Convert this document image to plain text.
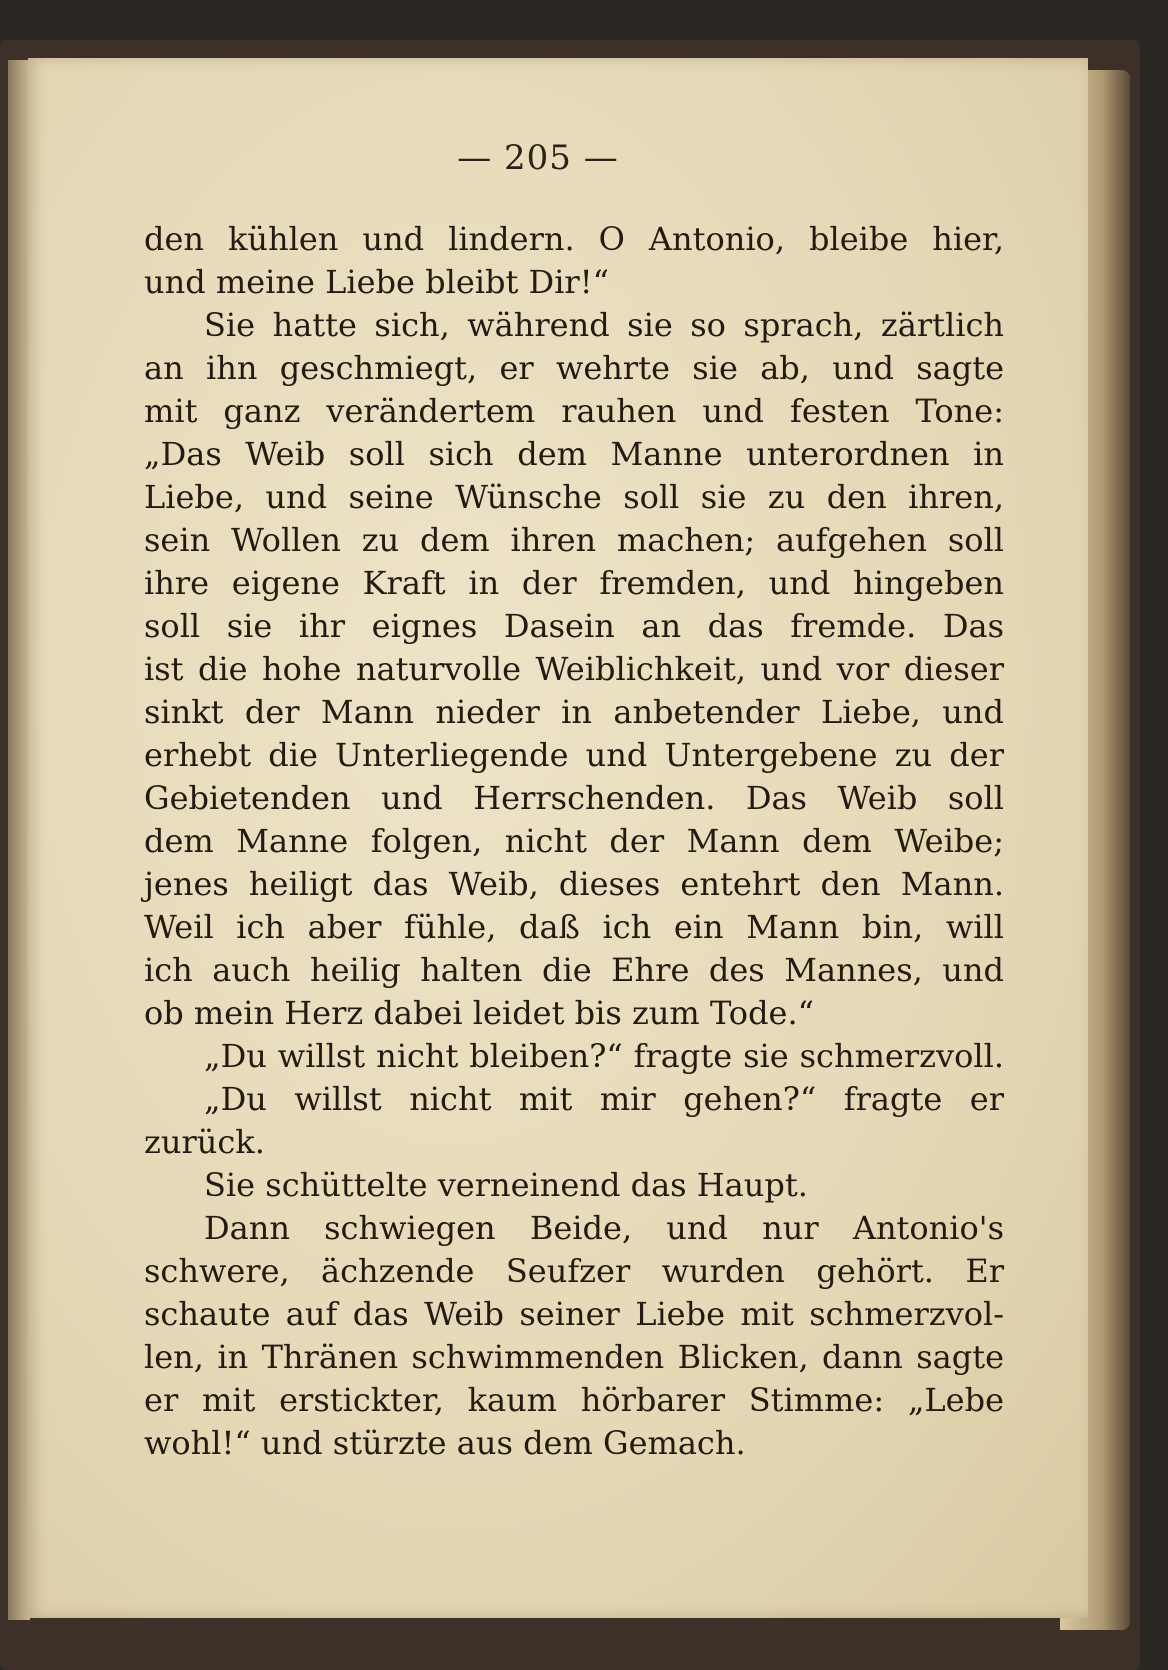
— 205 —
den kühlen und lindern. O Antonio, bleibe hier,
und meine Liebe bleibt Dir!“
Sie hatte sich, während sie so sprach, zärtlich
an ihn geschmiegt, er wehrte sie ab, und sagte
mit ganz verändertem rauhen und festen Tone:
„Das Weib soll sich dem Manne unterordnen in
Liebe, und seine Wünsche soll sie zu den ihren,
sein Wollen zu dem ihren machen; aufgehen soll
ihre eigene Kraft in der fremden, und hingeben
soll sie ihr eignes Dasein an das fremde. Das
ist die hohe naturvolle Weiblichkeit, und vor dieser
sinkt der Mann nieder in anbetender Liebe, und
erhebt die Unterliegende und Untergebene zu der
Gebietenden und Herrschenden. Das Weib soll
dem Manne folgen, nicht der Mann dem Weibe;
jenes heiligt das Weib, dieses entehrt den Mann.
Weil ich aber fühle, daß ich ein Mann bin, will
ich auch heilig halten die Ehre des Mannes, und
ob mein Herz dabei leidet bis zum Tode.“
„Du willst nicht bleiben?“ fragte sie schmerzvoll.
„Du willst nicht mit mir gehen?“ fragte er
zurück.
Sie schüttelte verneinend das Haupt.
Dann schwiegen Beide, und nur Antonio's
schwere, ächzende Seufzer wurden gehört. Er
schaute auf das Weib seiner Liebe mit schmerzvol-
len, in Thränen schwimmenden Blicken, dann sagte
er mit erstickter, kaum hörbarer Stimme: „Lebe
wohl!“ und stürzte aus dem Gemach.
